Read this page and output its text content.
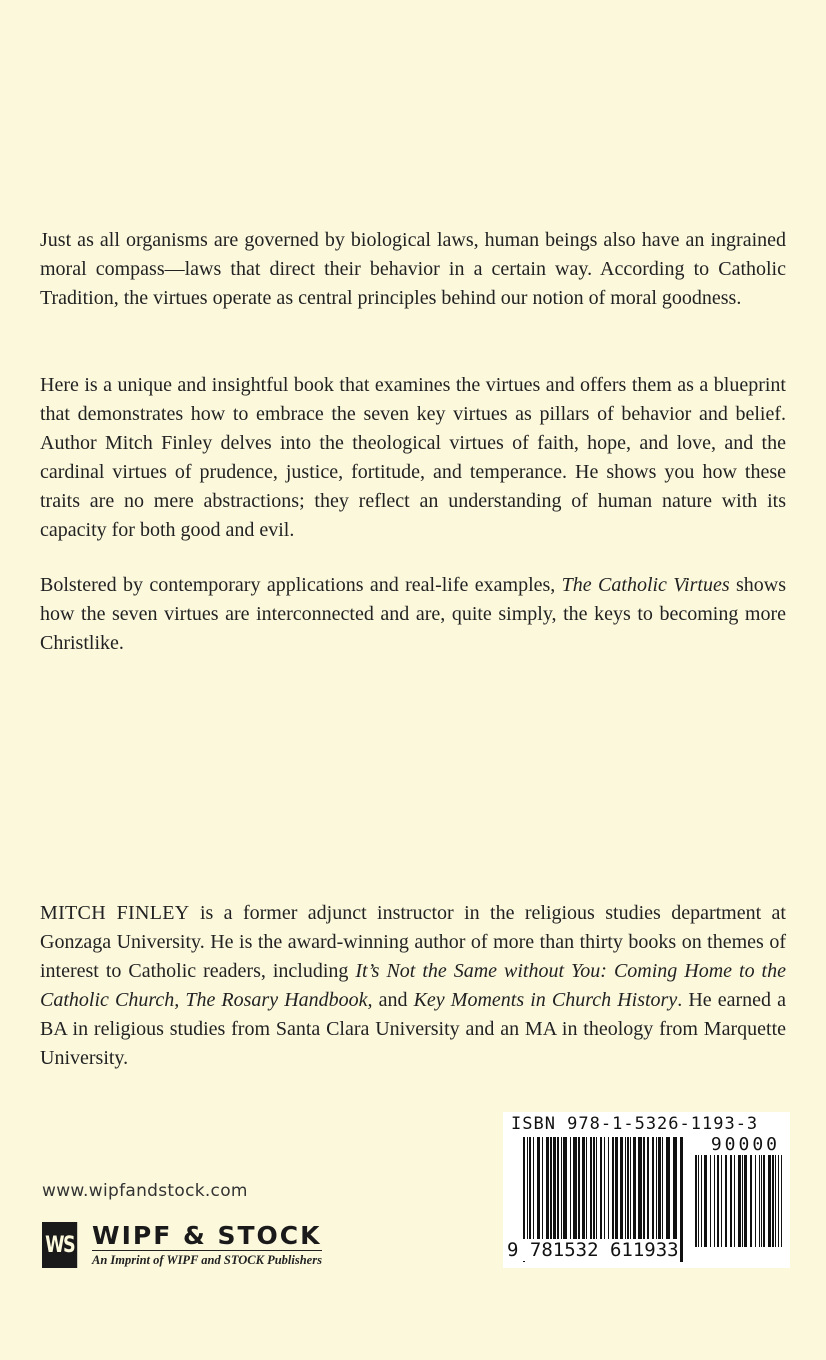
Just as all organisms are governed by biological laws, human beings also have an ingrained moral compass—laws that direct their behavior in a certain way. According to Catholic Tradition, the virtues operate as central principles behind our notion of moral goodness.

Here is a unique and insightful book that examines the virtues and offers them as a blueprint that demonstrates how to embrace the seven key virtues as pillars of behavior and belief. Author Mitch Finley delves into the theological virtues of faith, hope, and love, and the cardinal virtues of prudence, justice, fortitude, and temperance. He shows you how these traits are no mere abstractions; they reflect an understanding of human nature with its capacity for both good and evil.

Bolstered by contemporary applications and real-life examples, The Catholic Virtues shows how the seven virtues are interconnected and are, quite simply, the keys to becoming more Christlike.

MITCH FINLEY is a former adjunct instructor in the religious studies department at Gonzaga University. He is the award-winning author of more than thirty books on themes of interest to Catholic readers, including It’s Not the Same without You: Coming Home to the Catholic Church, The Rosary Handbook, and Key Moments in Church History. He earned a BA in religious studies from Santa Clara University and an MA in theology from Marquette University.

www.wipfandstock.com
WS WIPF & STOCK
An Imprint of WIPF and STOCK Publishers
ISBN 978-1-5326-1193-3
90000
9 781532 611933
